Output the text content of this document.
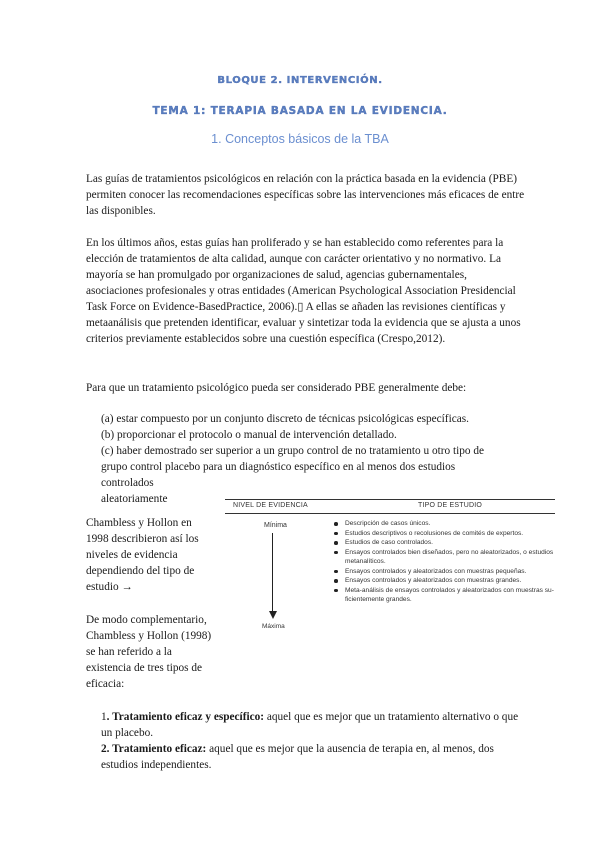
BLOQUE 2. INTERVENCIÓN.
TEMA 1: TERAPIA BASADA EN LA EVIDENCIA.
1. Conceptos básicos de la TBA
Las guías de tratamientos psicológicos en relación con la práctica basada en la evidencia (PBE) permiten conocer las recomendaciones específicas sobre las intervenciones más eficaces de entre las disponibles.
En los últimos años, estas guías han proliferado y se han establecido como referentes para la elección de tratamientos de alta calidad, aunque con carácter orientativo y no normativo. La mayoría se han promulgado por organizaciones de salud, agencias gubernamentales, asociaciones profesionales y otras entidades (American Psychological Association Presidencial Task Force on Evidence-BasedPractice, 2006).▯ A ellas se añaden las revisiones científicas y metaanálisis que pretenden identificar, evaluar y sintetizar toda la evidencia que se ajusta a unos criterios previamente establecidos sobre una cuestión específica (Crespo,2012).
Para que un tratamiento psicológico pueda ser considerado PBE generalmente debe:
(a) estar compuesto por un conjunto discreto de técnicas psicológicas específicas.
(b) proporcionar el protocolo o manual de intervención detallado.
(c) haber demostrado ser superior a un grupo control de no tratamiento u otro tipo de
grupo control placebo para un diagnóstico específico en al menos dos estudios
controlados
aleatoriamente
Chambless y Hollon en 1998 describieron así los niveles de evidencia dependiendo del tipo de estudio →
De modo complementario, Chambless y Hollon (1998) se han referido a la existencia de tres tipos de eficacia:
NIVEL DE EVIDENCIA	TIPO DE ESTUDIO
Mínima
Máxima
Descripción de casos únicos.
Estudios descriptivos o recolusiones de comités de expertos.
Estudios de caso controlados.
Ensayos controlados bien diseñados, pero no aleatorizados, o estudios metanalíticos.
Ensayos controlados y aleatorizados con muestras pequeñas.
Ensayos controlados y aleatorizados con muestras grandes.
Meta-análisis de ensayos controlados y aleatorizados con muestras su-ficientemente grandes.
1. Tratamiento eficaz y específico: aquel que es mejor que un tratamiento alternativo o que un placebo.
2. Tratamiento eficaz: aquel que es mejor que la ausencia de terapia en, al menos, dos estudios independientes.
